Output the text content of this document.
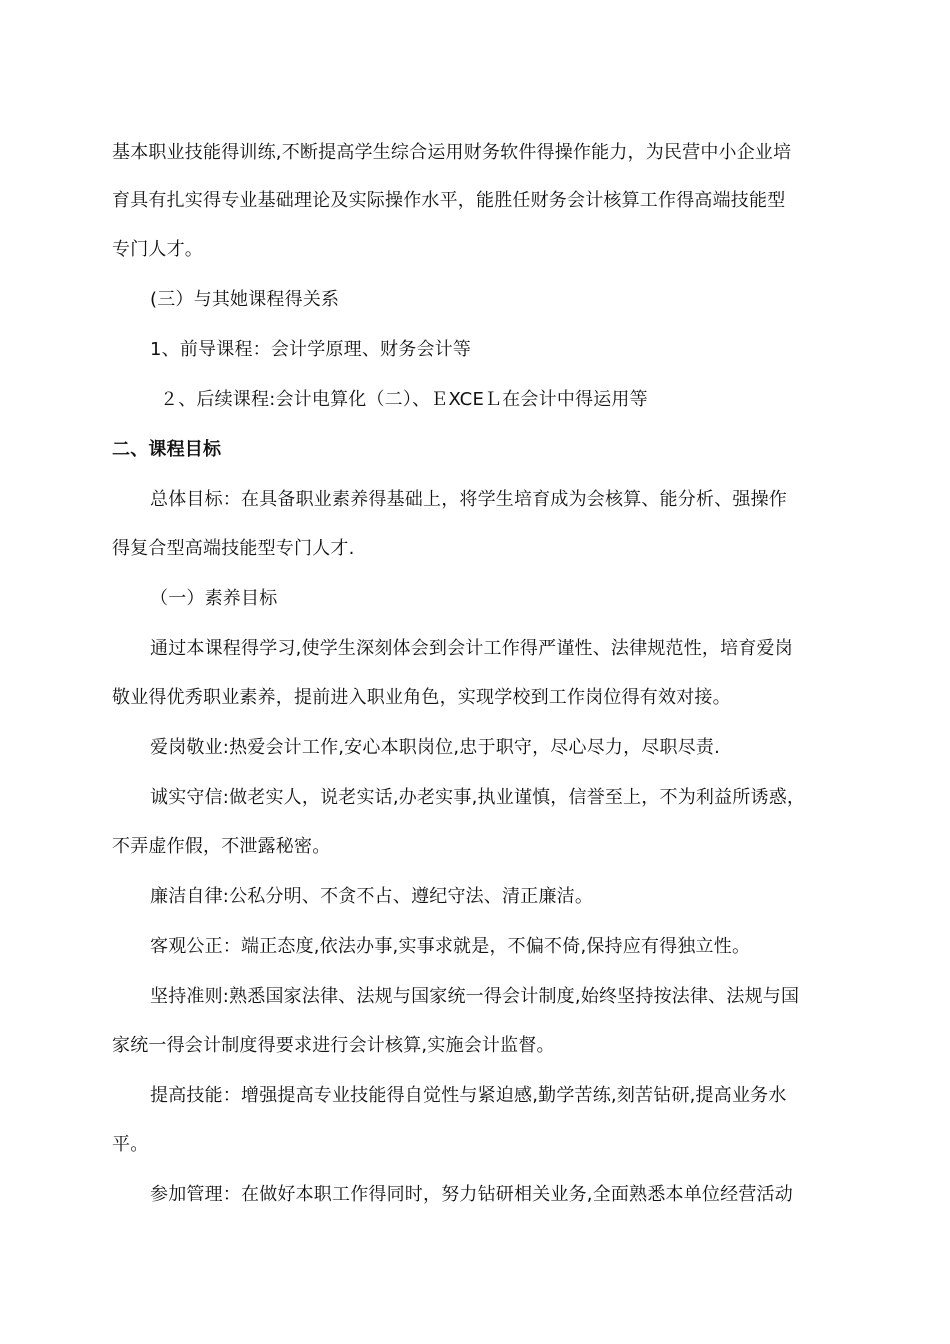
基本职业技能得训练,不断提高学生综合运用财务软件得操作能力，为民营中小企业培
育具有扎实得专业基础理论及实际操作水平，能胜任财务会计核算工作得高端技能型
专门人才。
(三）与其她课程得关系
1、前导课程：会计学原理、财务会计等
２、后续课程:会计电算化（二）、ＥXCEＬ在会计中得运用等
二、课程目标
总体目标：在具备职业素养得基础上，将学生培育成为会核算、能分析、强操作
得复合型高端技能型专门人才.
（一）素养目标
通过本课程得学习,使学生深刻体会到会计工作得严谨性、法律规范性，培育爱岗
敬业得优秀职业素养，提前进入职业角色，实现学校到工作岗位得有效对接。
爱岗敬业:热爱会计工作,安心本职岗位,忠于职守，尽心尽力，尽职尽责.
诚实守信:做老实人，说老实话,办老实事,执业谨慎，信誉至上，不为利益所诱惑，
不弄虚作假，不泄露秘密。
廉洁自律:公私分明、不贪不占、遵纪守法、清正廉洁。
客观公正：端正态度,依法办事,实事求就是，不偏不倚,保持应有得独立性。
坚持准则:熟悉国家法律、法规与国家统一得会计制度,始终坚持按法律、法规与国
家统一得会计制度得要求进行会计核算,实施会计监督。
提高技能：增强提高专业技能得自觉性与紧迫感,勤学苦练,刻苦钻研,提高业务水
平。
参加管理：在做好本职工作得同时，努力钻研相关业务,全面熟悉本单位经营活动
